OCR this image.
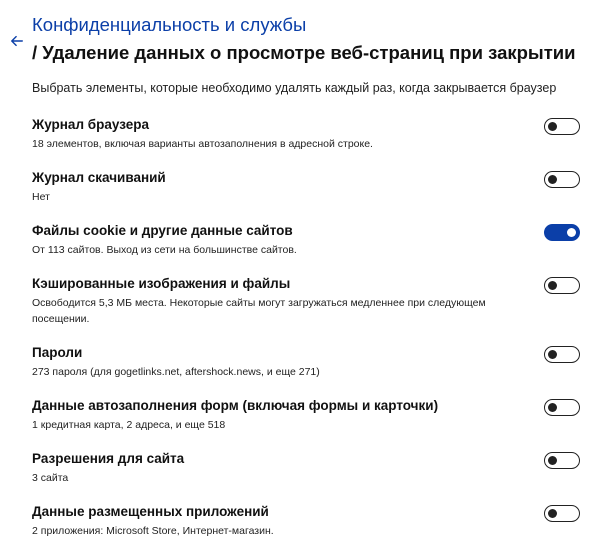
Конфиденциальность и службы
/ Удаление данных о просмотре веб-страниц при закрытии
Выбрать элементы, которые необходимо удалять каждый раз, когда закрывается браузер
Журнал браузера
18 элементов, включая варианты автозаполнения в адресной строке.
Журнал скачиваний
Нет
Файлы cookie и другие данные сайтов
От 113 сайтов. Выход из сети на большинстве сайтов.
Кэшированные изображения и файлы
Освободится 5,3 МБ места. Некоторые сайты могут загружаться медленнее при следующем посещении.
Пароли
273 пароля (для gogetlinks.net, aftershock.news, и еще 271)
Данные автозаполнения форм (включая формы и карточки)
1 кредитная карта, 2 адреса, и еще 518
Разрешения для сайта
3 сайта
Данные размещенных приложений
2 приложения: Microsoft Store, Интернет-магазин.
